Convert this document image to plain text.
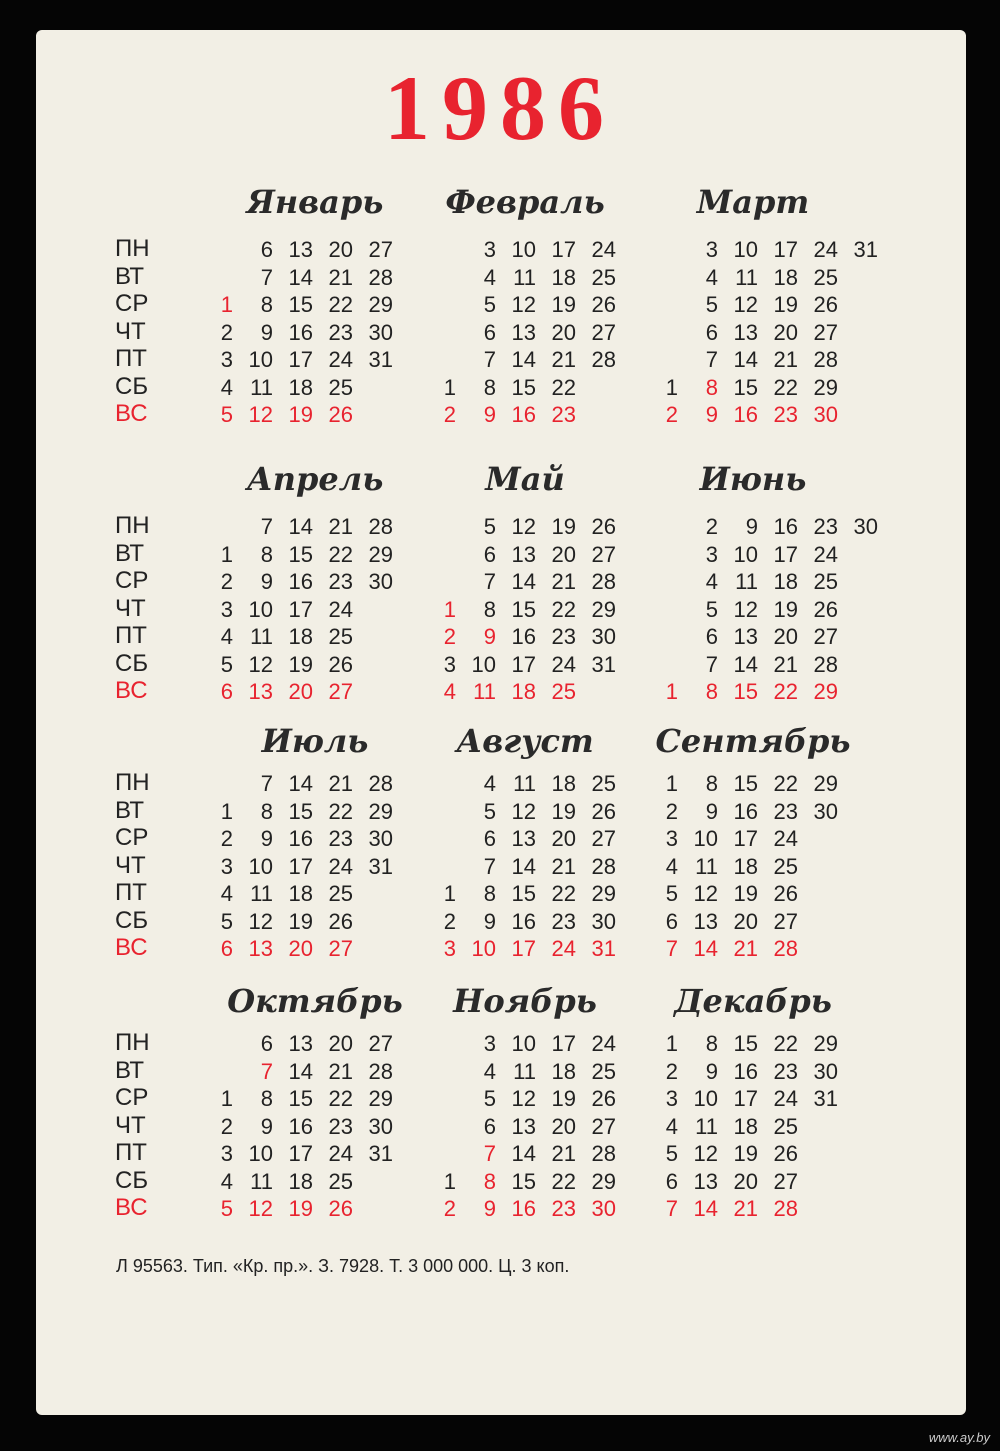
1986
Январь
1
2
3
4
5
6
7
8
9
10
11
12
13
14
15
16
17
18
19
20
21
22
23
24
25
26
27
28
29
30
31
Февраль
1
2
3
4
5
6
7
8
9
10
11
12
13
14
15
16
17
18
19
20
21
22
23
24
25
26
27
28
Март
1
2
3
4
5
6
7
8
9
10
11
12
13
14
15
16
17
18
19
20
21
22
23
24
25
26
27
28
29
30
31
Апрель
1
2
3
4
5
6
7
8
9
10
11
12
13
14
15
16
17
18
19
20
21
22
23
24
25
26
27
28
29
30
Май
1
2
3
4
5
6
7
8
9
10
11
12
13
14
15
16
17
18
19
20
21
22
23
24
25
26
27
28
29
30
31
Июнь
1
2
3
4
5
6
7
8
9
10
11
12
13
14
15
16
17
18
19
20
21
22
23
24
25
26
27
28
29
30
Июль
1
2
3
4
5
6
7
8
9
10
11
12
13
14
15
16
17
18
19
20
21
22
23
24
25
26
27
28
29
30
31
Август
1
2
3
4
5
6
7
8
9
10
11
12
13
14
15
16
17
18
19
20
21
22
23
24
25
26
27
28
29
30
31
Сентябрь
1
2
3
4
5
6
7
8
9
10
11
12
13
14
15
16
17
18
19
20
21
22
23
24
25
26
27
28
29
30
Октябрь
1
2
3
4
5
6
7
8
9
10
11
12
13
14
15
16
17
18
19
20
21
22
23
24
25
26
27
28
29
30
31
Ноябрь
1
2
3
4
5
6
7
8
9
10
11
12
13
14
15
16
17
18
19
20
21
22
23
24
25
26
27
28
29
30
Декабрь
1
2
3
4
5
6
7
8
9
10
11
12
13
14
15
16
17
18
19
20
21
22
23
24
25
26
27
28
29
30
31
ПН
ВТ
СР
ЧТ
ПТ
СБ
ВС
ПН
ВТ
СР
ЧТ
ПТ
СБ
ВС
ПН
ВТ
СР
ЧТ
ПТ
СБ
ВС
ПН
ВТ
СР
ЧТ
ПТ
СБ
ВС
Л 95563. Тип. «Кр. пр.». З. 7928. Т. 3 000 000. Ц. 3 коп.
www.ay.by
